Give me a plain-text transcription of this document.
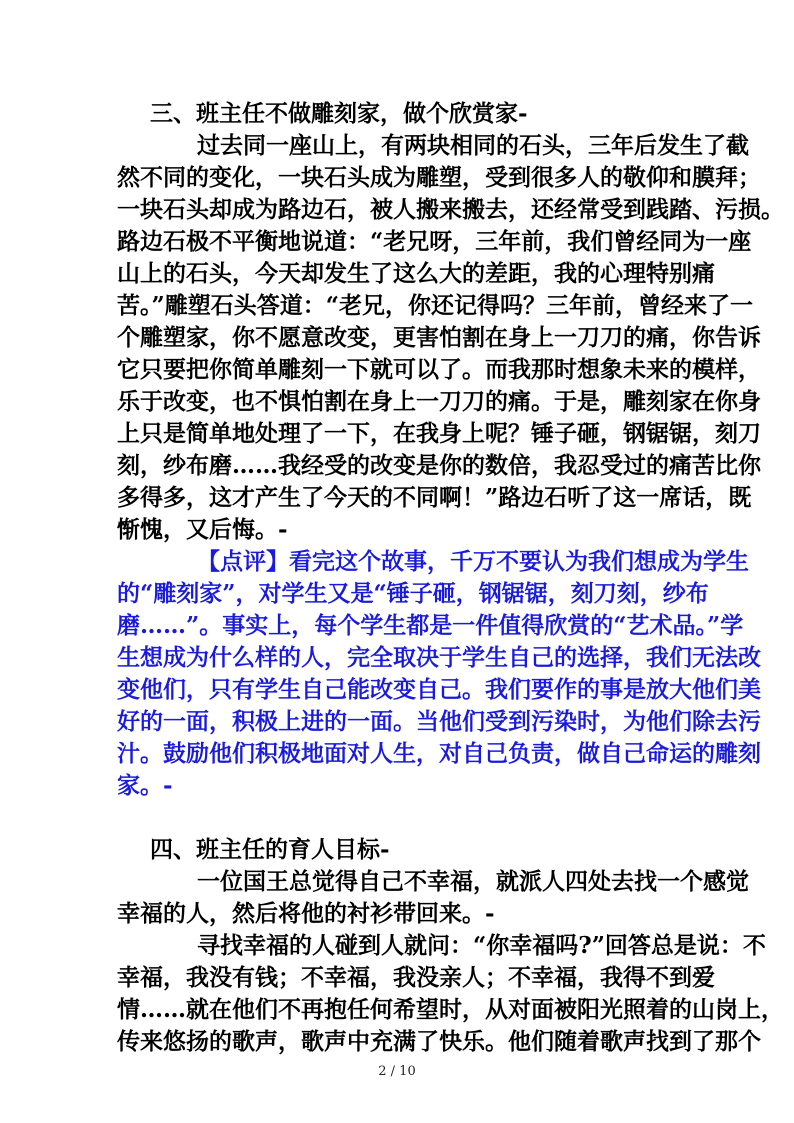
三、班主任不做雕刻家，做个欣赏家-
过去同一座山上，有两块相同的石头，三年后发生了截
然不同的变化，一块石头成为雕塑，受到很多人的敬仰和膜拜；
一块石头却成为路边石，被人搬来搬去，还经常受到践踏、污损。
路边石极不平衡地说道：“老兄呀，三年前，我们曾经同为一座
山上的石头，今天却发生了这么大的差距，我的心理特别痛
苦。”雕塑石头答道：“老兄，你还记得吗？三年前，曾经来了一
个雕塑家，你不愿意改变，更害怕割在身上一刀刀的痛，你告诉
它只要把你简单雕刻一下就可以了。而我那时想象未来的模样，
乐于改变，也不惧怕割在身上一刀刀的痛。于是，雕刻家在你身
上只是简单地处理了一下，在我身上呢？锤子砸，钢锯锯，刻刀
刻，纱布磨……我经受的改变是你的数倍，我忍受过的痛苦比你
多得多，这才产生了今天的不同啊！”路边石听了这一席话，既
惭愧，又后悔。-
【点评】看完这个故事，千万不要认为我们想成为学生
的“雕刻家”，对学生又是“锤子砸，钢锯锯，刻刀刻，纱布
磨……”。事实上，每个学生都是一件值得欣赏的“艺术品。”学
生想成为什么样的人，完全取决于学生自己的选择，我们无法改
变他们，只有学生自己能改变自己。我们要作的事是放大他们美
好的一面，积极上进的一面。当他们受到污染时，为他们除去污
汁。鼓励他们积极地面对人生，对自己负责，做自己命运的雕刻
家。-
四、班主任的育人目标-
一位国王总觉得自己不幸福，就派人四处去找一个感觉
幸福的人，然后将他的衬衫带回来。-
寻找幸福的人碰到人就问：“你幸福吗?”回答总是说：不
幸福，我没有钱；不幸福，我没亲人；不幸福，我得不到爱
情……就在他们不再抱任何希望时，从对面被阳光照着的山岗上，
传来悠扬的歌声，歌声中充满了快乐。他们随着歌声找到了那个
2 / 10
